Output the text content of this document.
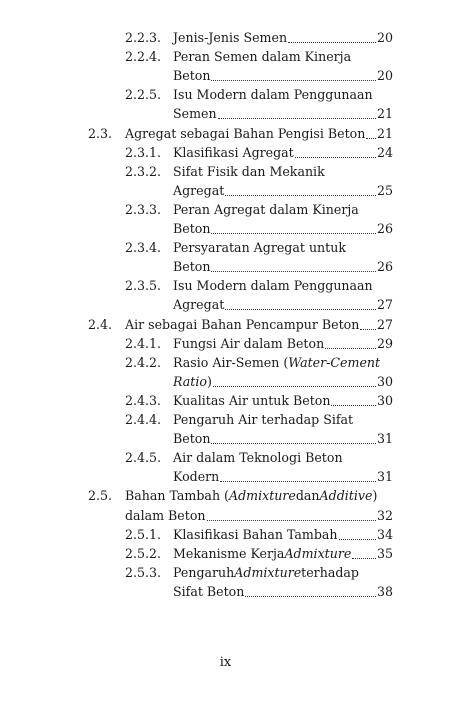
2.2.3. Jenis-Jenis Semen	20
2.2.4. Peran Semen dalam Kinerja
Beton	20
2.2.5. Isu Modern dalam Penggunaan
Semen	21
2.3. Agregat sebagai Bahan Pengisi Beton 21
2.3.1. Klasifikasi Agregat	24
2.3.2. Sifat Fisik dan Mekanik
Agregat	25
2.3.3. Peran Agregat dalam Kinerja
Beton	26
2.3.4. Persyaratan Agregat untuk
Beton	26
2.3.5. Isu Modern dalam Penggunaan
Agregat	27
2.4. Air sebagai Bahan Pencampur Beton 27
2.4.1. Fungsi Air dalam Beton	29
2.4.2. Rasio Air-Semen ( Water-Cement
Ratio )	30
2.4.3. Kualitas Air untuk Beton	30
2.4.4. Pengaruh Air terhadap Sifat
Beton	31
2.4.5. Air dalam Teknologi Beton
Kodern	31
2.5. Bahan Tambah ( Admixture dan Additive )
dalam Beton	32
2.5.1. Klasifikasi Bahan Tambah	34
2.5.2. Mekanisme Kerja Admixture 35
2.5.3. Pengaruh Admixture terhadap
Sifat Beton	38
ix
